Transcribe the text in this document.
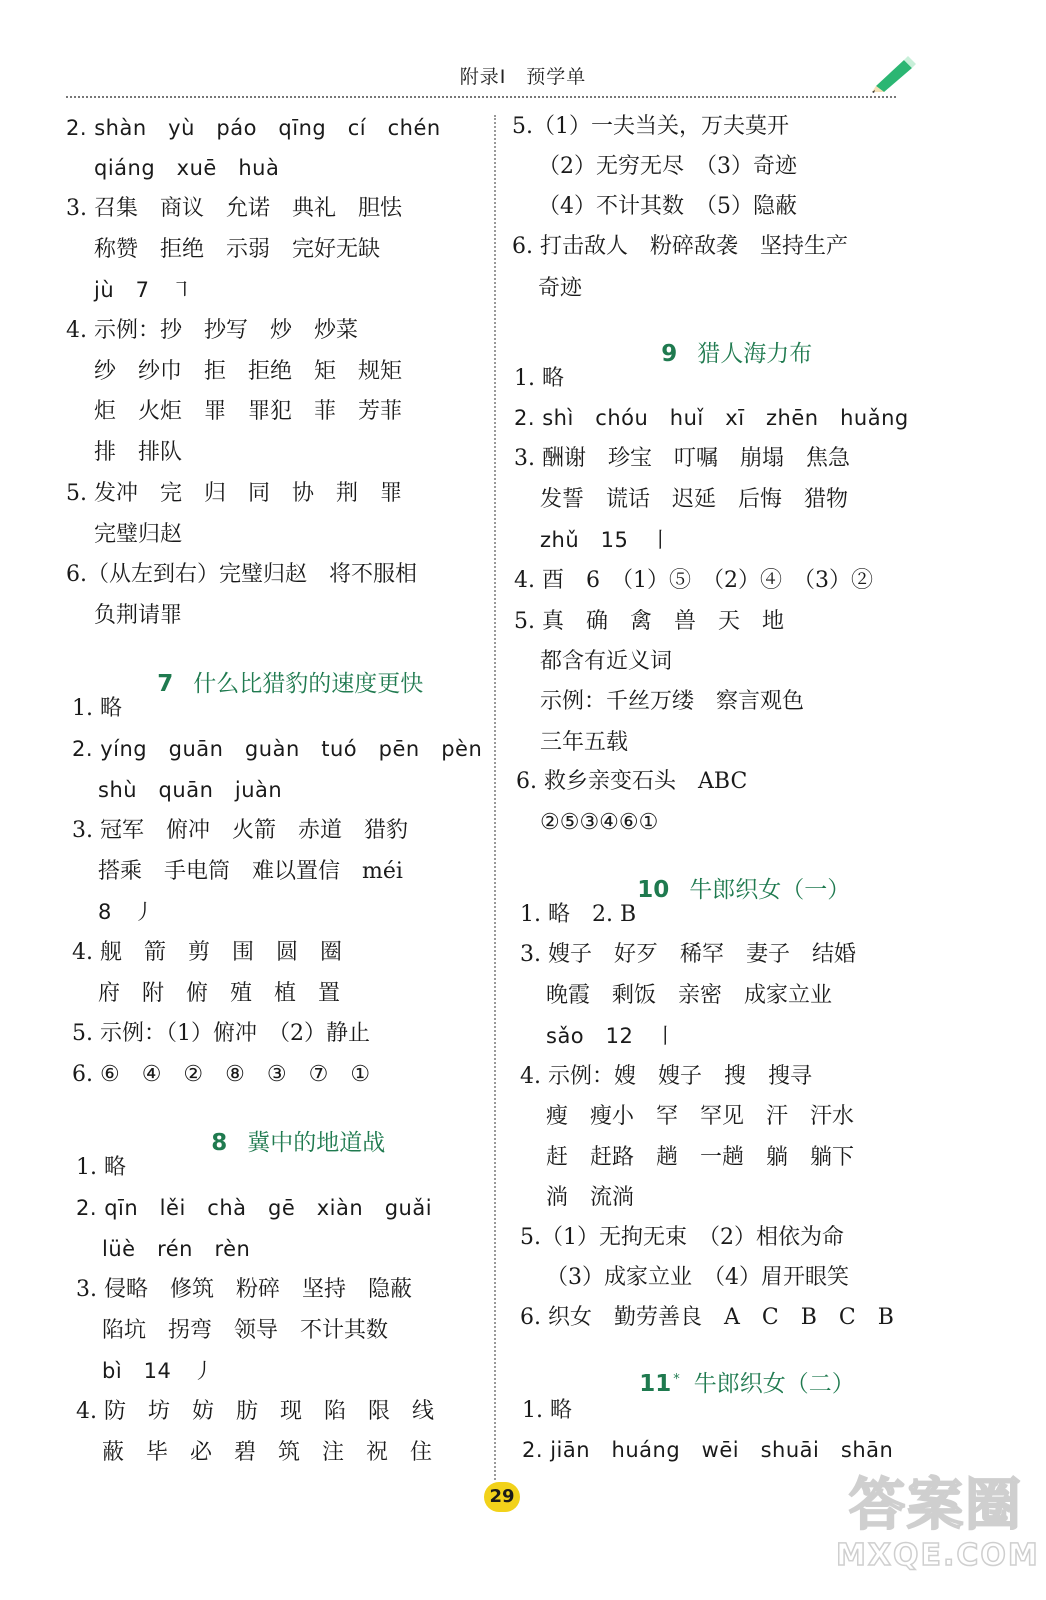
附录Ⅰ　预学单
2. shàn　yù　páo　qīng　cí　chén
qiáng　xuē　huà
3. 召集　商议　允诺　典礼　胆怯
称赞　拒绝　示弱　完好无缺
jù　7　㇕
4. 示例：抄　抄写　炒　炒菜
纱　纱巾　拒　拒绝　矩　规矩
炬　火炬　罪　罪犯　菲　芳菲
排　排队
5. 发冲　完　归　同　协　荆　罪
完璧归赵
6.（从左到右）完璧归赵　将不服相
负荆请罪

7 什么比猎豹的速度更快

1. 略
2. yíng　guān　guàn　tuó　pēn　pèn
shù　quān　juàn
3. 冠军　俯冲　火箭　赤道　猎豹
搭乘　手电筒　难以置信　méi
8　丿
4. 舰　箭　剪　围　圆　圈
府　附　俯　殖　植　置
5. 示例：（1）俯冲　（2）静止
6. ⑥　④　②　⑧　③　⑦　①

8 冀中的地道战

1. 略
2. qīn　lěi　chà　gē　xiàn　guǎi
lüè　rén　rèn
3. 侵略　修筑　粉碎　坚持　隐蔽
陷坑　拐弯　领导　不计其数
bì　14　丿
4. 防　坊　妨　肪　现　陷　限　线
蔽　毕　必　碧　筑　注　祝　住
5.（1）一夫当关，万夫莫开
（2）无穷无尽　（3）奇迹
（4）不计其数　（5）隐蔽
6. 打击敌人　粉碎敌袭　坚持生产
奇迹

9 猎人海力布

1. 略
2. shì　chóu　huǐ　xī　zhēn　huǎng
3. 酬谢　珍宝　叮嘱　崩塌　焦急
发誓　谎话　迟延　后悔　猎物
zhǔ　15　丨
4. 酉　6　（1）⑤　（2）④　（3）②
5. 真　确　禽　兽　天　地
都含有近义词
示例：千丝万缕　察言观色
三年五载
6. 救乡亲变石头　ABC
②⑤③④⑥①

10 牛郎织女（一）

1. 略　2. B
3. 嫂子　好歹　稀罕　妻子　结婚
晚霞　剩饭　亲密　成家立业
sǎo　12　丨
4. 示例：嫂　嫂子　搜　搜寻
瘦　瘦小　罕　罕见　汗　汗水
赶　赶路　趟　一趟　躺　躺下
淌　流淌
5.（1）无拘无束　（2）相依为命
（3）成家立业　（4）眉开眼笑
6. 织女　勤劳善良　A　C　B　C　B

11 * 牛郎织女（二）

1. 略
2. jiān　huáng　wēi　shuāi　shān
29	答案圈
MXQE.COM
